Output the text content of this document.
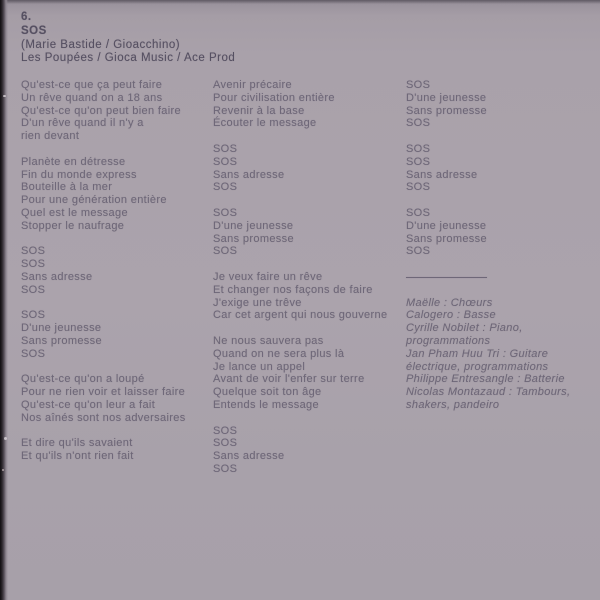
6.
SOS
(Marie Bastide / Gioacchino)
Les Poupées / Gioca Music / Ace Prod
Qu'est-ce que ça peut faire
Un rêve quand on a 18 ans
Qu'est-ce qu'on peut bien faire
D'un rêve quand il n'y a
rien devant

Planète en détresse
Fin du monde express
Bouteille à la mer
Pour une génération entière
Quel est le message
Stopper le naufrage

SOS
SOS
Sans adresse
SOS

SOS
D'une jeunesse
Sans promesse
SOS

Qu'est-ce qu'on a loupé
Pour ne rien voir et laisser faire
Qu'est-ce qu'on leur a fait
Nos aînés sont nos adversaires

Et dire qu'ils savaient
Et qu'ils n'ont rien fait
Avenir précaire
Pour civilisation entière
Revenir à la base
Écouter le message

SOS
SOS
Sans adresse
SOS

SOS
D'une jeunesse
Sans promesse
SOS

Je veux faire un rêve
Et changer nos façons de faire
J'exige une trêve
Car cet argent qui nous gouverne

Ne nous sauvera pas
Quand on ne sera plus là
Je lance un appel
Avant de voir l'enfer sur terre
Quelque soit ton âge
Entends le message

SOS
SOS
Sans adresse
SOS
SOS
D'une jeunesse
Sans promesse
SOS

SOS
SOS
Sans adresse
SOS

SOS
D'une jeunesse
Sans promesse
SOS

Maëlle : Chœurs
Calogero : Basse
Cyrille Nobilet : Piano,
programmations
Jan Pham Huu Tri : Guitare
électrique, programmations
Philippe Entresangle : Batterie
Nicolas Montazaud : Tambours,
shakers, pandeiro
